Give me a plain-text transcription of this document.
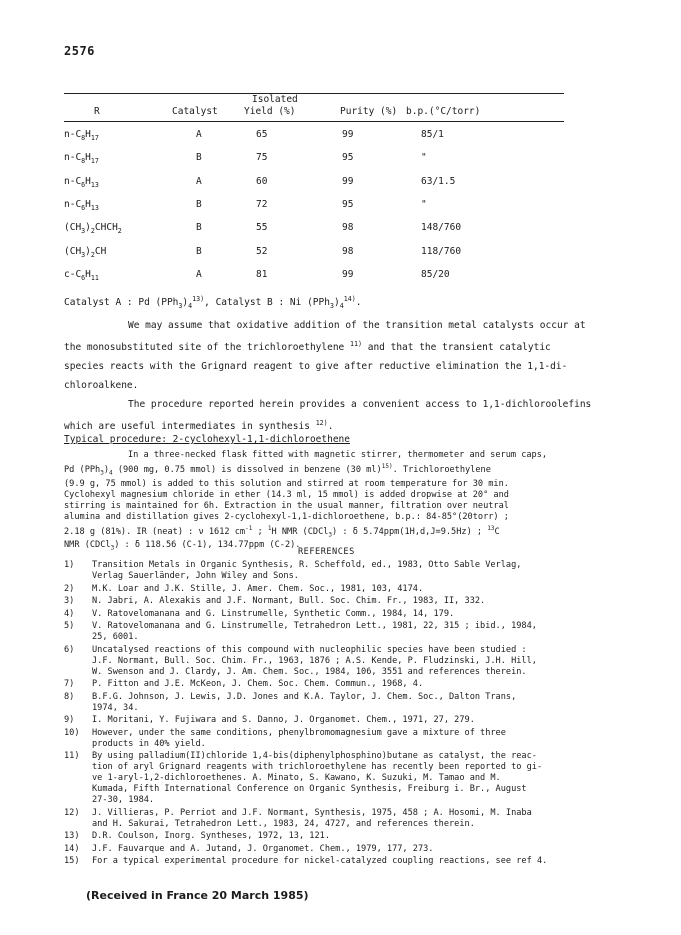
2576
Isolated
R	Catalyst	Yield (%)	Purity (%) b.p.(°C/torr)
$n-C_8H_{17}$	A	65	99	85/1
$n-C_8H_{17}$	B	75	95	"
$n-C_6H_{13}$	A	60	99	63/1.5
$n-C_6H_{13}$	B	72	95	"
$(CH_3)_2CHCH_2$	B	55	98	148/760
$(CH_3)_2CH$	B	52	98	118/760
$c-C_6H_{11}$	A	81	99	85/20
Catalyst A : Pd $(PPh_3)_4^{13)}$, Catalyst B : Ni $(PPh_3)_4^{14)}$.
We may assume that oxidative addition of the transition metal catalysts occur at
the monosubstituted site of the trichloroethylene $^{11)}$ and that the transient catalytic
species reacts with the Grignard reagent to give after reductive elimination the 1,1-di-
chloroalkene.
The procedure reported herein provides a convenient access to 1,1-dichloroolefins
which are useful intermediates in synthesis $^{12)}$.
Typical procedure: 2-cyclohexyl-1,1-dichloroethene
In a three-necked flask fitted with magnetic stirrer, thermometer and serum caps,
Pd $(PPh_3)_4$ (900 mg, 0.75 mmol) is dissolved in benzene (30 ml)$^{15)}$. Trichloroethylene
(9.9 g, 75 mmol) is added to this solution and stirred at room temperature for 30 min.
Cyclohexyl magnesium chloride in ether (14.3 ml, 15 mmol) is added dropwise at 20° and
stirring is maintained for 6h. Extraction in the usual manner, filtration over neutral
alumina and distillation gives 2-cyclohexyl-1,1-dichloroethene, b.p.: 84-85°(20torr) ;
2.18 g (81%). IR (neat) : ν 1612 $cm^{-1}$ ; $^1$H NMR (CDCl$_3$) : δ 5.74ppm(1H,d,J=9.5Hz) ; $^{13}$C
NMR (CDCl$_3$) : δ 118.56 (C-1), 134.77ppm (C-2).
REFERENCES
1)	Transition Metals in Organic Synthesis, R. Scheffold, ed., 1983, Otto Sable Verlag,
Verlag Sauerländer, John Wiley and Sons.
2)	M.K. Loar and J.K. Stille, J. Amer. Chem. Soc., 1981, 103, 4174.
3)	N. Jabri, A. Alexakis and J.F. Normant, Bull. Soc. Chim. Fr., 1983, II, 332.
4)	V. Ratovelomanana and G. Linstrumelle, Synthetic Comm., 1984, 14, 179.
5)	V. Ratovelomanana and G. Linstrumelle, Tetrahedron Lett., 1981, 22, 315 ; ibid., 1984,
25, 6001.
6)	Uncatalysed reactions of this compound with nucleophilic species have been studied :
J.F. Normant, Bull. Soc. Chim. Fr., 1963, 1876 ; A.S. Kende, P. Fludzinski, J.H. Hill,
W. Swenson and J. Clardy, J. Am. Chem. Soc., 1984, 106, 3551 and references therein.
7)	P. Fitton and J.E. McKeon, J. Chem. Soc. Chem. Commun., 1968, 4.
8)	B.F.G. Johnson, J. Lewis, J.D. Jones and K.A. Taylor, J. Chem. Soc., Dalton Trans,
1974, 34.
9)	I. Moritani, Y. Fujiwara and S. Danno, J. Organomet. Chem., 1971, 27, 279.
10)	However, under the same conditions, phenylbromomagnesium gave a mixture of three
products in 40% yield.
11)	By using palladium(II)chloride 1,4-bis(diphenylphosphino)butane as catalyst, the reac-
tion of aryl Grignard reagents with trichloroethylene has recently been reported to gi-
ve 1-aryl-1,2-dichloroethenes. A. Minato, S. Kawano, K. Suzuki, M. Tamao and M.
Kumada, Fifth International Conference on Organic Synthesis, Freiburg i. Br., August
27-30, 1984.
12)	J. Villieras, P. Perriot and J.F. Normant, Synthesis, 1975, 458 ; A. Hosomi, M. Inaba
and H. Sakurai, Tetrahedron Lett., 1983, 24, 4727, and references therein.
13)	D.R. Coulson, Inorg. Syntheses, 1972, 13, 121.
14)	J.F. Fauvarque and A. Jutand, J. Organomet. Chem., 1979, 177, 273.
15)	For a typical experimental procedure for nickel-catalyzed coupling reactions, see ref 4.
(Received in France 20 March 1985)
